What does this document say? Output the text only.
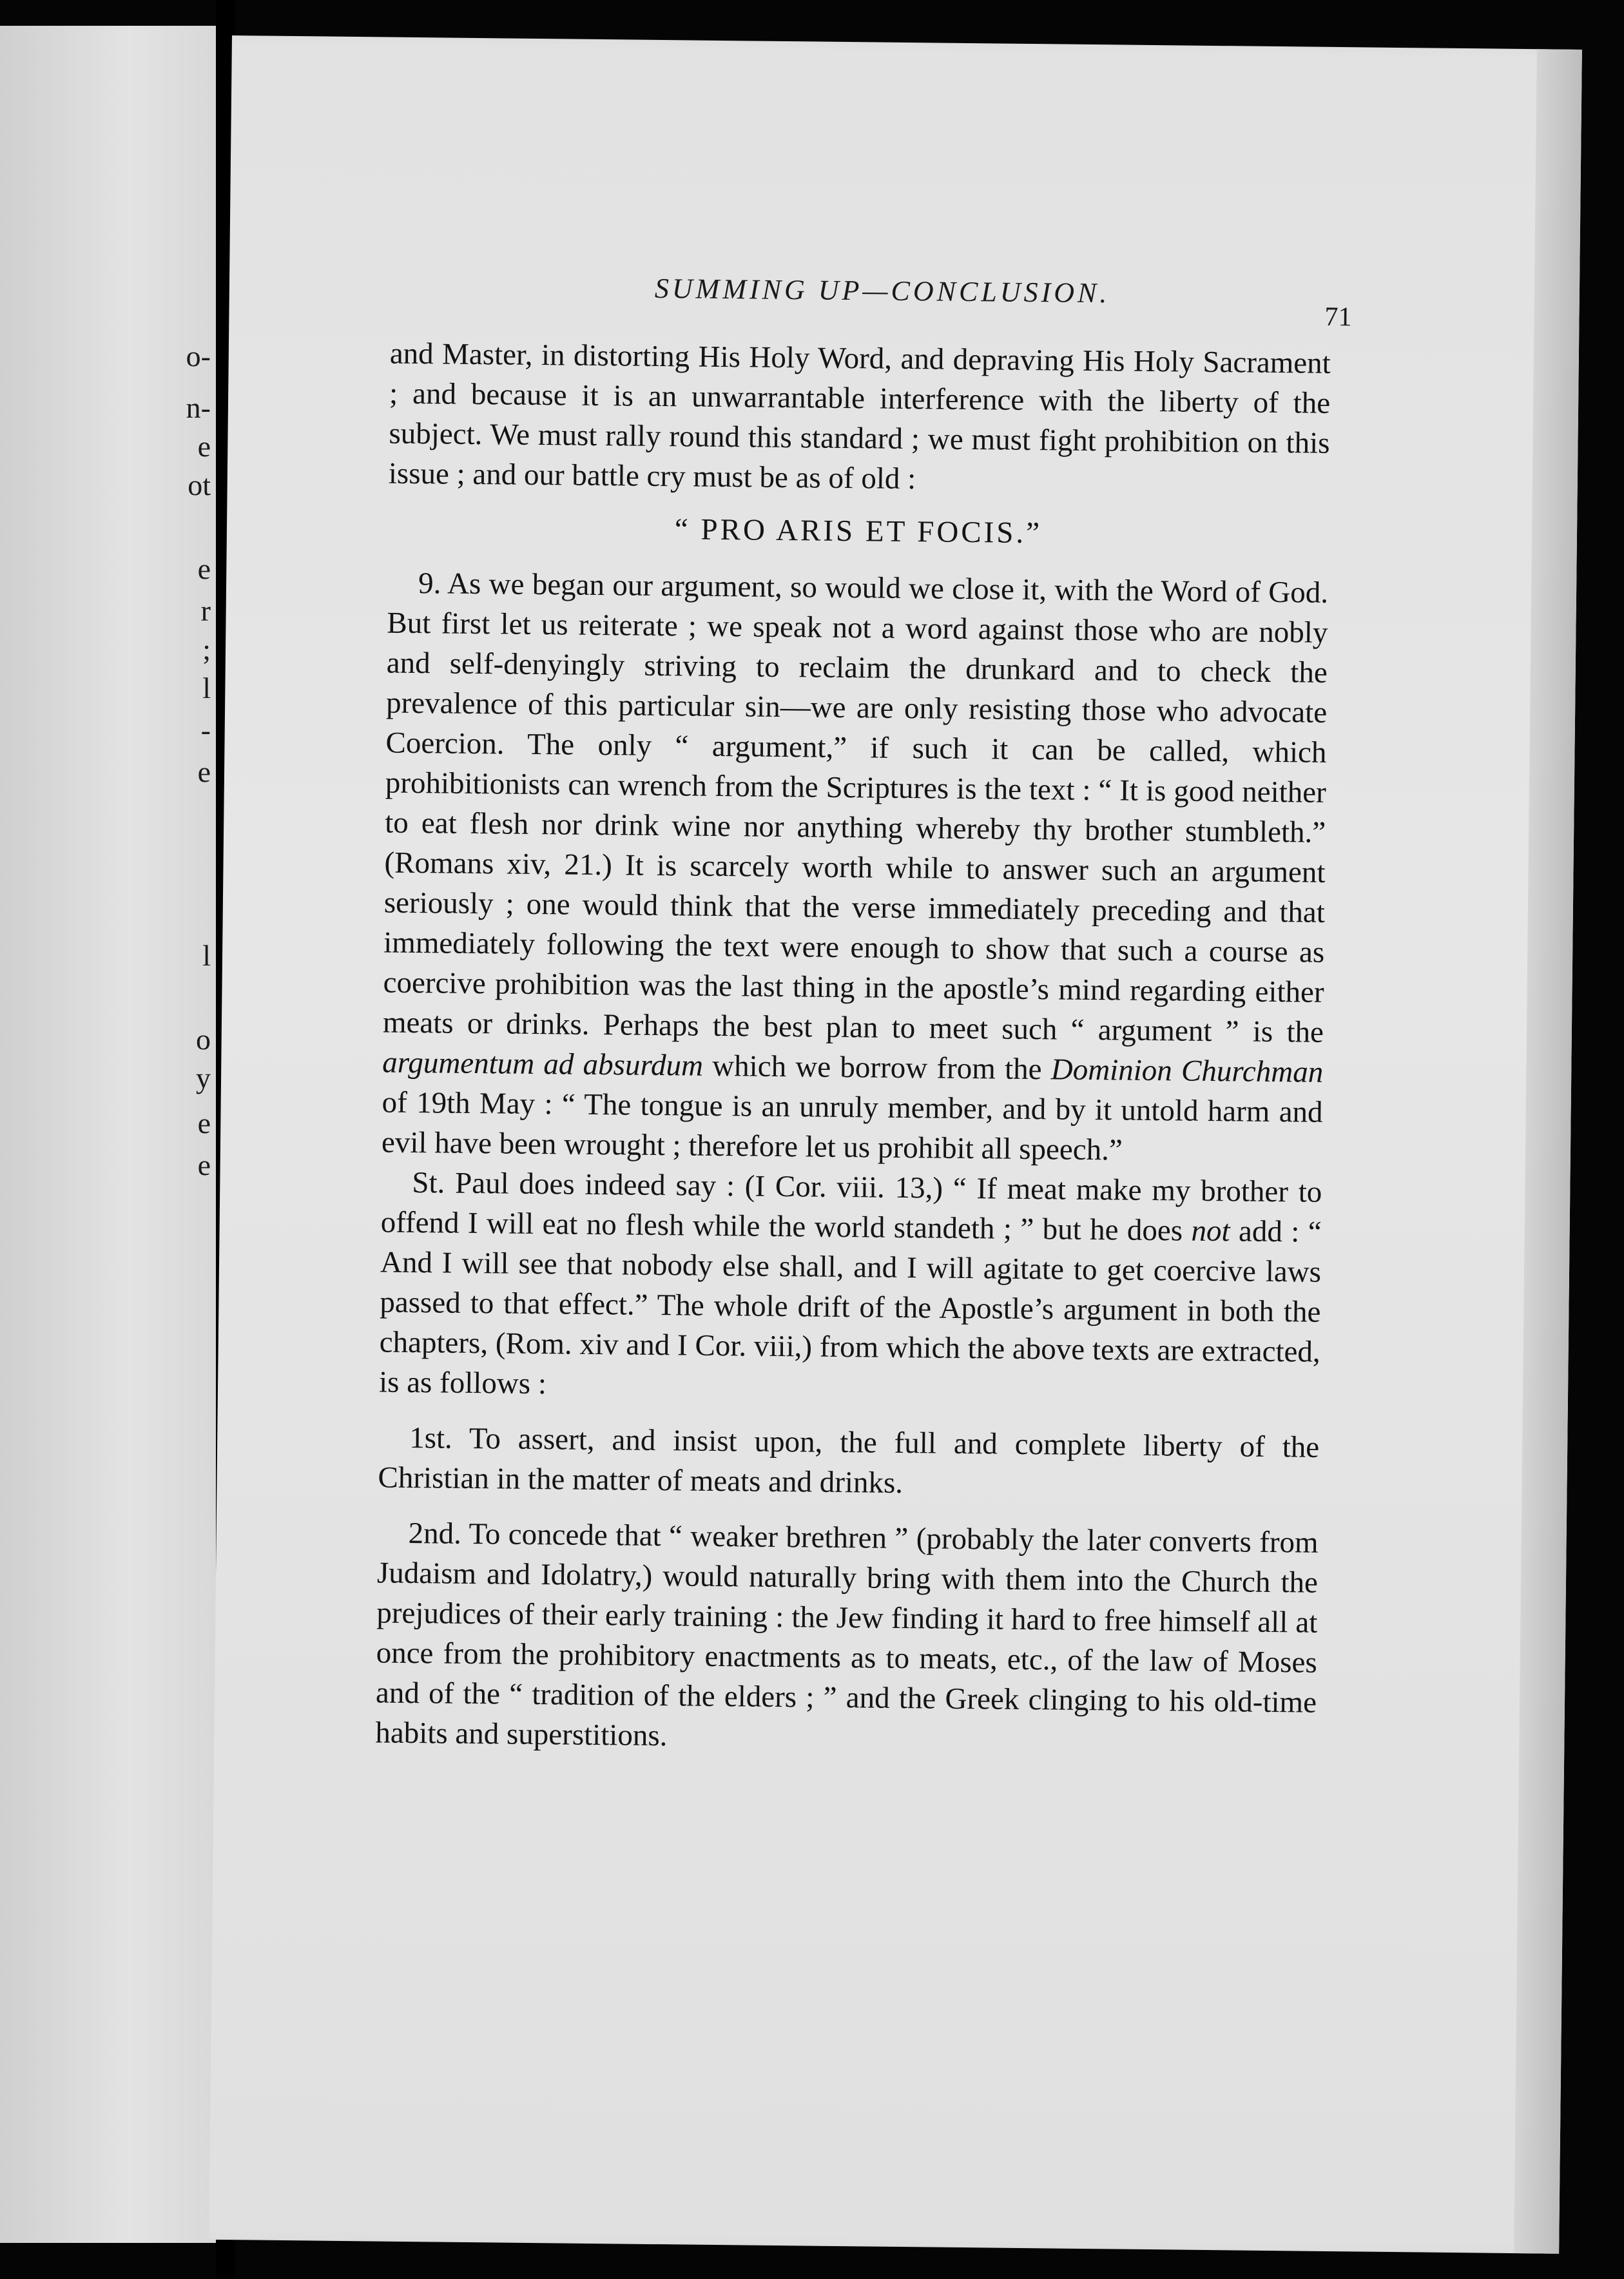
o-
n-
e
ot
e
r
;
l
-
e
l
o
y
e
e
SUMMING UP—CONCLUSION.
71

and Master, in distorting His Holy Word, and depraving His Holy Sacrament ; and because it is an unwarrantable interference with the liberty of the subject. We must rally round this standard ; we must fight prohibition on this issue ; and our battle cry must be as of old :

“ PRO ARIS ET FOCIS.”

9. As we began our argument, so would we close it, with the Word of God. But first let us reiterate ; we speak not a word against those who are nobly and self-denyingly striving to reclaim the drunkard and to check the prevalence of this particular sin—we are only resisting those who advocate Coercion. The only “ argument,” if such it can be called, which prohibitionists can wrench from the Scriptures is the text : “ It is good neither to eat flesh nor drink wine nor anything whereby thy brother stumbleth.” (Romans xiv, 21.) It is scarcely worth while to answer such an argument seriously ; one would think that the verse immediately preceding and that immediately following the text were enough to show that such a course as coercive prohibition was the last thing in the apostle’s mind regarding either meats or drinks. Perhaps the best plan to meet such “ argument ” is the argumentum ad absurdum which we borrow from the Dominion Churchman of 19th May : “ The tongue is an unruly member, and by it untold harm and evil have been wrought ; therefore let us prohibit all speech.”

St. Paul does indeed say : (I Cor. viii. 13,) “ If meat make my brother to offend I will eat no flesh while the world standeth ; ” but he does not add : “ And I will see that nobody else shall, and I will agitate to get coercive laws passed to that effect.” The whole drift of the Apostle’s argument in both the chapters, (Rom. xiv and I Cor. viii,) from which the above texts are extracted, is as follows :

1st. To assert, and insist upon, the full and complete liberty of the Christian in the matter of meats and drinks.

2nd. To concede that “ weaker brethren ” (probably the later converts from Judaism and Idolatry,) would naturally bring with them into the Church the prejudices of their early training : the Jew finding it hard to free himself all at once from the prohibitory enactments as to meats, etc., of the law of Moses and of the “ tradition of the elders ; ” and the Greek clinging to his old-time habits and superstitions.
